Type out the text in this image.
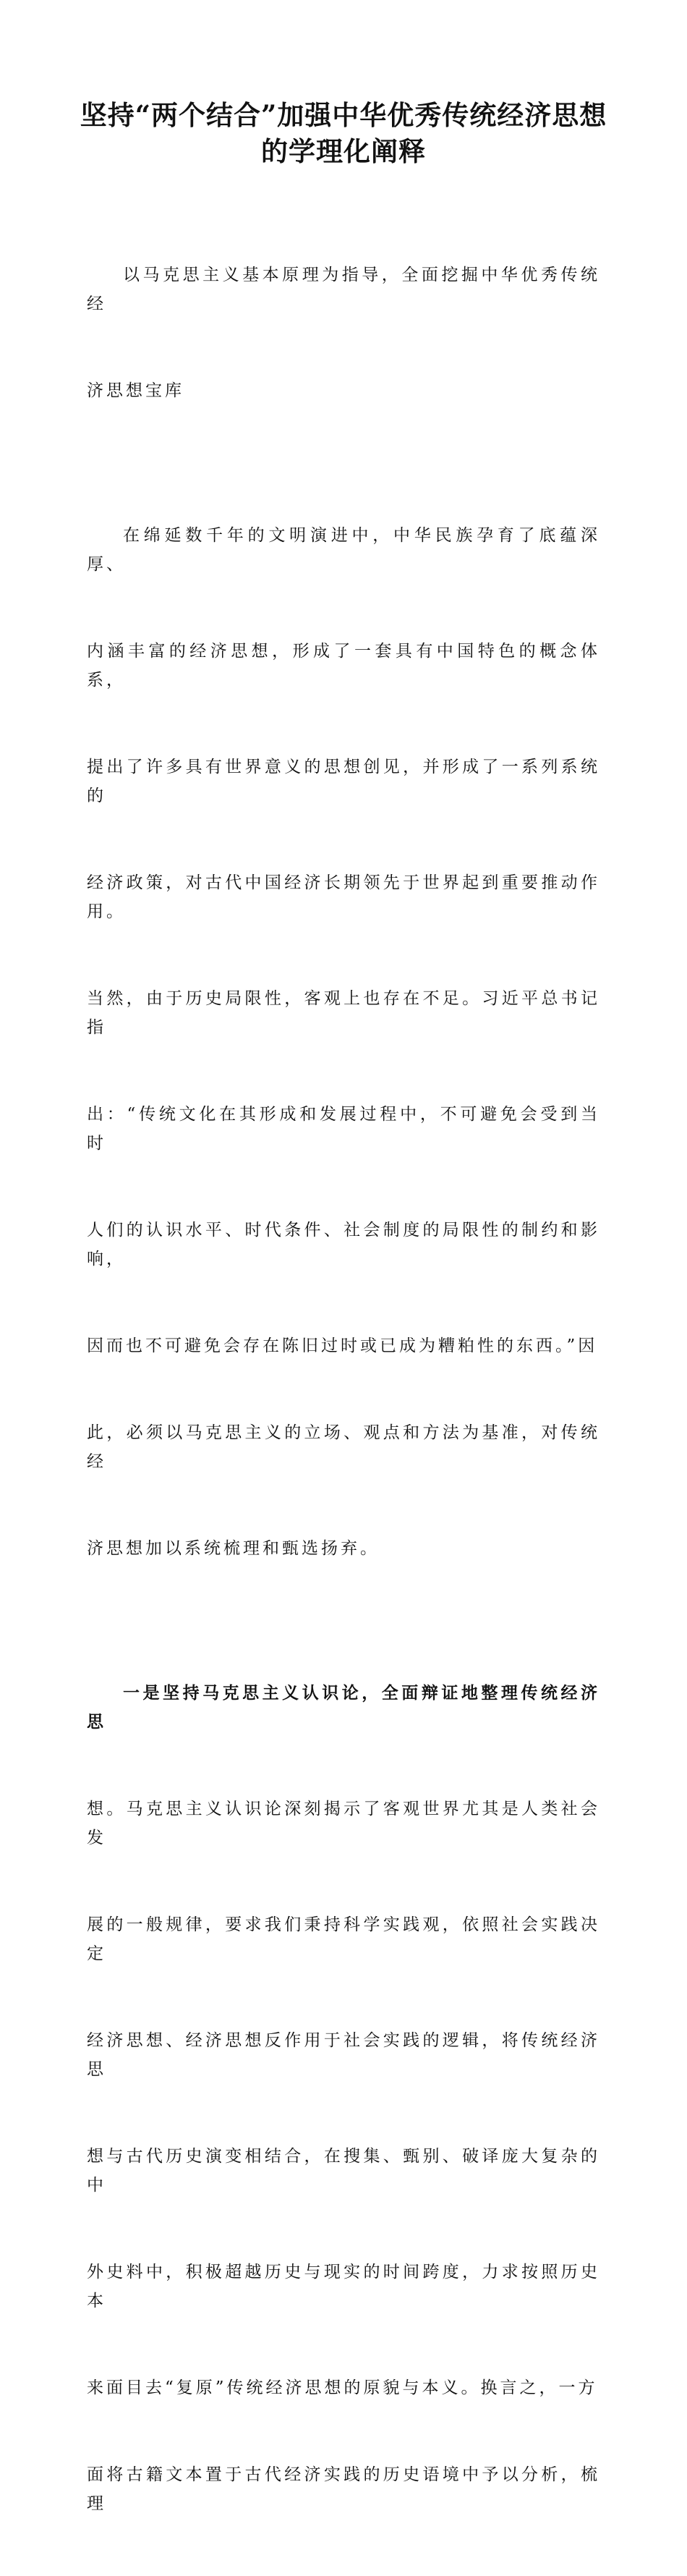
坚持“两个结合”加强中华优秀传统经济思想
的学理化阐释

以马克思主义基本原理为指导，全面挖掘中华优秀传统经

济思想宝库

在绵延数千年的文明演进中，中华民族孕育了底蕴深厚、

内涵丰富的经济思想，形成了一套具有中国特色的概念体系，

提出了许多具有世界意义的思想创见，并形成了一系列系统的

经济政策，对古代中国经济长期领先于世界起到重要推动作用。

当然，由于历史局限性，客观上也存在不足。习近平总书记指

出：“传统文化在其形成和发展过程中，不可避免会受到当时

人们的认识水平、时代条件、社会制度的局限性的制约和影响，

因而也不可避免会存在陈旧过时或已成为糟粕性的东西。”因

此，必须以马克思主义的立场、观点和方法为基准，对传统经

济思想加以系统梳理和甄选扬弃。

一是坚持马克思主义认识论，全面辩证地整理传统经济思

想。马克思主义认识论深刻揭示了客观世界尤其是人类社会发

展的一般规律，要求我们秉持科学实践观，依照社会实践决定

经济思想、经济思想反作用于社会实践的逻辑，将传统经济思

想与古代历史演变相结合，在搜集、甄别、破译庞大复杂的中

外史料中，积极超越历史与现实的时间跨度，力求按照历史本

来面目去“复原”传统经济思想的原貌与本义。换言之，一方

面将古籍文本置于古代经济实践的历史语境中予以分析，梳理
